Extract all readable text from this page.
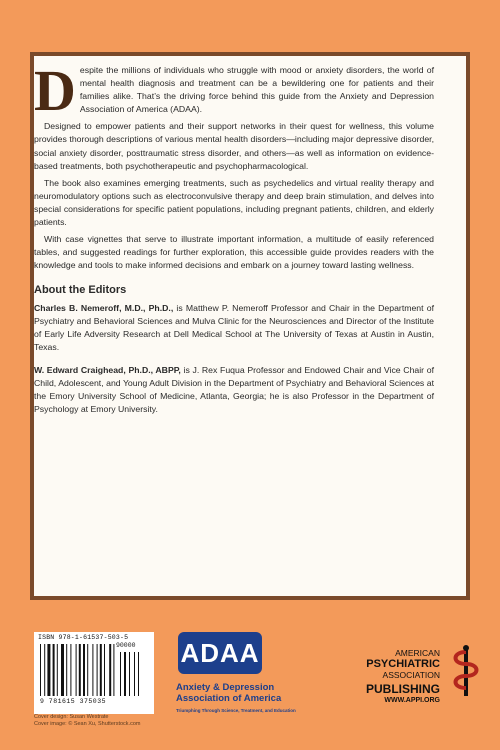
Despite the millions of individuals who struggle with mood or anxiety disorders, the world of mental health diagnosis and treatment can be a bewildering one for patients and their families alike. That’s the driving force behind this guide from the Anxiety and Depression Association of America (ADAA).

Designed to empower patients and their support networks in their quest for wellness, this volume provides thorough descriptions of various mental health disorders—including major depressive disorder, social anxiety disorder, posttraumatic stress disorder, and others—as well as information on evidence-based treatments, both psychotherapeutic and psychopharmacological.

The book also examines emerging treatments, such as psychedelics and virtual reality therapy and neuromodulatory options such as electroconvulsive therapy and deep brain stimulation, and delves into special considerations for specific patient populations, including pregnant patients, children, and elderly patients.

With case vignettes that serve to illustrate important information, a multitude of easily referenced tables, and suggested readings for further exploration, this accessible guide provides readers with the knowledge and tools to make informed decisions and embark on a journey toward lasting wellness.

About the Editors

Charles B. Nemeroff, M.D., Ph.D., is Matthew P. Nemeroff Professor and Chair in the Department of Psychiatry and Behavioral Sciences and Mulva Clinic for the Neurosciences and Director of the Institute of Early Life Adversity Research at Dell Medical School at The University of Texas at Austin in Austin, Texas.

W. Edward Craighead, Ph.D., ABPP, is J. Rex Fuqua Professor and Endowed Chair and Vice Chair of Child, Adolescent, and Young Adult Division in the Department of Psychiatry and Behavioral Sciences at the Emory University School of Medicine, Atlanta, Georgia; he is also Professor in the Department of Psychology at Emory University.

ISBN 978-1-61537-503-5
90000
9 781615 375035
Cover design: Susan Westrate
Cover image: © Sean Xu, Shutterstock.com
ADAA
Anxiety & Depression
Association of America
Triumphing Through Science, Treatment, and Education
AMERICAN
PSYCHIATRIC
ASSOCIATION
PUBLISHING
WWW.APPI.ORG
